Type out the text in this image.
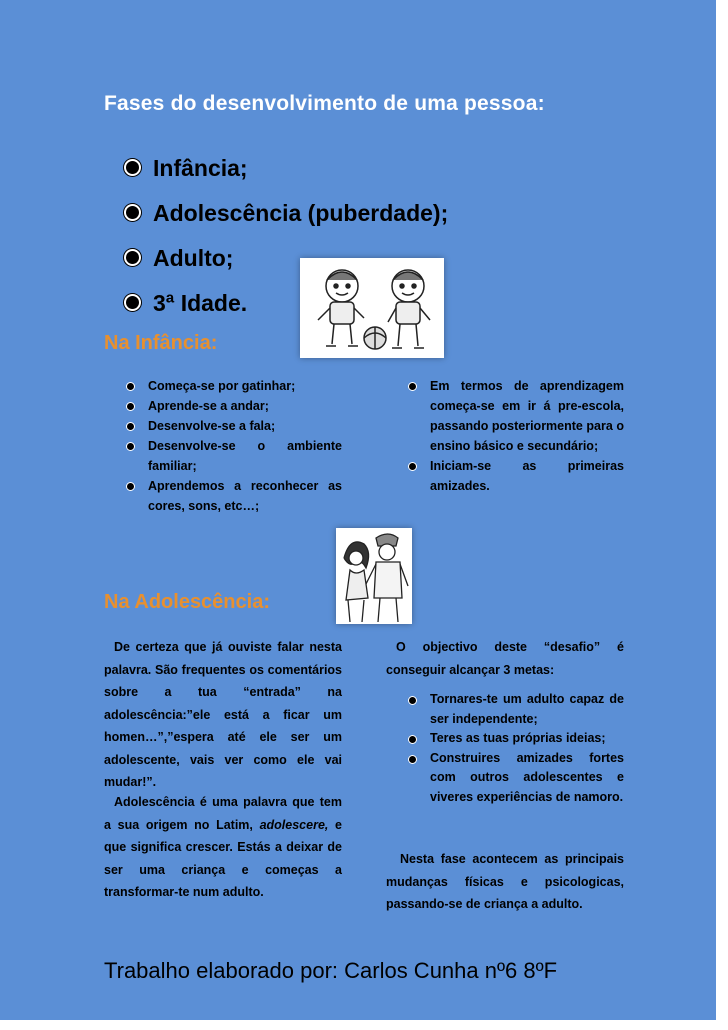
Fases do desenvolvimento de uma pessoa:
Infância;
Adolescência (puberdade);
Adulto;
3ª Idade.
Na Infância:
Começa-se por gatinhar;
Aprende-se a andar;
Desenvolve-se a fala;
Desenvolve-se o ambiente familiar;
Aprendemos a reconhecer as cores, sons, etc…;
Em termos de aprendizagem começa-se em ir á pre-escola, passando posteriormente para o ensino básico e secundário;
Iniciam-se as primeiras amizades.
Na Adolescência:

De certeza que já ouviste falar nesta palavra. São frequentes os comentários sobre a tua “entrada” na adolescência:”ele está a ficar um homen…”,”espera até ele ser um adolescente, vais ver como ele vai mudar!”.

Adolescência é uma palavra que tem a sua origem no Latim, adolescere, e que significa crescer. Estás a deixar de ser uma criança e começas a transformar-te num adulto.

O objectivo deste “desafio” é conseguir alcançar 3 metas:

Tornares-te um adulto capaz de ser independente;
Teres as tuas próprias ideias;
Construires amizades fortes com outros adolescentes e viveres experiências de namoro.

Nesta fase acontecem as principais mudanças físicas e psicologicas, passando-se de criança a adulto.

Trabalho elaborado por: Carlos Cunha nº6 8ºF
